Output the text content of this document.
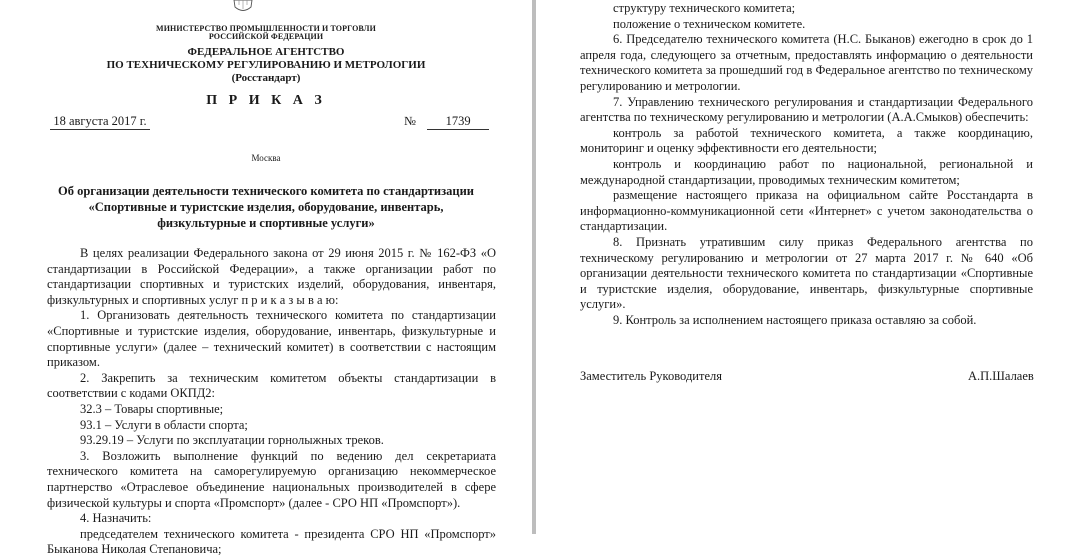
МИНИСТЕРСТВО ПРОМЫШЛЕННОСТИ И ТОРГОВЛИ
РОССИЙСКОЙ ФЕДЕРАЦИИ
ФЕДЕРАЛЬНОЕ АГЕНТСТВО
ПО ТЕХНИЧЕСКОМУ РЕГУЛИРОВАНИЮ И МЕТРОЛОГИИ
(Росстандарт)
П Р И К А З
18 августа 2017 г.	№ 1739
Москва
Об организации деятельности технического комитета по стандартизации
«Спортивные и туристские изделия, оборудование, инвентарь,
физкультурные и спортивные услуги»
В целях реализации Федерального закона от 29 июня 2015 г. № 162-ФЗ «О стандартизации в Российской Федерации», а также организации работ по стандартизации спортивных и туристских изделий, оборудования, инвентаря, физкультурных и спортивных услуг п р и к а з ы в а ю:
1. Организовать деятельность технического комитета по стандартизации «Спортивные и туристские изделия, оборудование, инвентарь, физкультурные и спортивные услуги» (далее – технический комитет) в соответствии с настоящим приказом.
2. Закрепить за техническим комитетом объекты стандартизации в соответствии с кодами ОКПД2:
32.3 – Товары спортивные;
93.1 – Услуги в области спорта;
93.29.19 – Услуги по эксплуатации горнолыжных треков.
3. Возложить выполнение функций по ведению дел секретариата технического комитета на саморегулируемую организацию некоммерческое партнерство «Отраслевое объединение национальных производителей в сфере физической культуры и спорта «Промспорт» (далее - СРО НП «Промспорт»).
4. Назначить:
председателем технического комитета - президента СРО НП «Промспорт» Быканова Николая Степановича;
структуру технического комитета;
положение о техническом комитете.
6. Председателю технического комитета (Н.С. Быканов) ежегодно в срок до 1 апреля года, следующего за отчетным, предоставлять информацию о деятельности технического комитета за прошедший год в Федеральное агентство по техническому регулированию и метрологии.
7. Управлению технического регулирования и стандартизации Федерального агентства по техническому регулированию и метрологии (А.А.Смыков) обеспечить:
контроль за работой технического комитета, а также координацию, мониторинг и оценку эффективности его деятельности;
контроль и координацию работ по национальной, региональной и международной стандартизации, проводимых техническим комитетом;
размещение настоящего приказа на официальном сайте Росстандарта в информационно-коммуникационной сети «Интернет» с учетом законодательства о стандартизации.
8. Признать утратившим силу приказ Федерального агентства по техническому регулированию и метрологии от 27 марта 2017 г. № 640 «Об организации деятельности технического комитета по стандартизации «Спортивные и туристские изделия, оборудование, инвентарь, физкультурные спортивные услуги».
9. Контроль за исполнением настоящего приказа оставляю за собой.
Заместитель Руководителя	А.П.Шалаев
